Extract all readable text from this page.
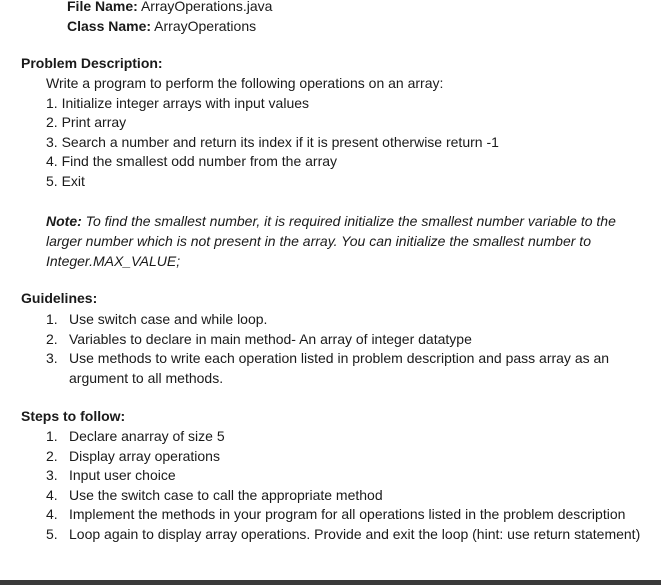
File Name: ArrayOperations.java
Class Name: ArrayOperations
Problem Description:
Write a program to perform the following operations on an array:
1. Initialize integer arrays with input values
2. Print array
3. Search a number and return its index if it is present otherwise return -1
4. Find the smallest odd number from the array
5. Exit
Note: To find the smallest number, it is required initialize the smallest number variable to the larger number which is not present in the array. You can initialize the smallest number to Integer.MAX_VALUE;
Guidelines:
1. Use switch case and while loop.
2. Variables to declare in main method- An array of integer datatype
3. Use methods to write each operation listed in problem description and pass array as an argument to all methods.
Steps to follow:
1. Declare anarray of size 5
2. Display array operations
3. Input user choice
4. Use the switch case to call the appropriate method
4. Implement the methods in your program for all operations listed in the problem description
5. Loop again to display array operations. Provide and exit the loop (hint: use return statement)
